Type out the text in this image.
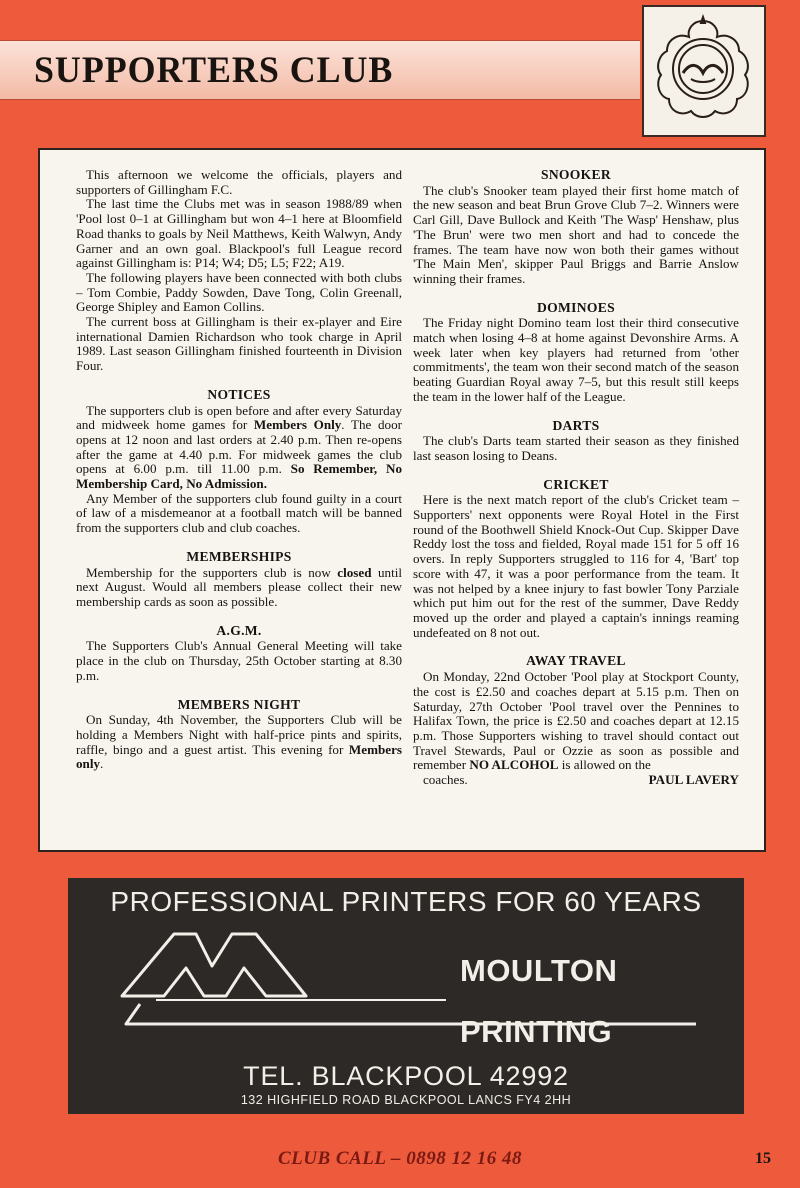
SUPPORTERS CLUB

This afternoon we welcome the officials, players and supporters of Gillingham F.C.

The last time the Clubs met was in season 1988/89 when 'Pool lost 0–1 at Gillingham but won 4–1 here at Bloomfield Road thanks to goals by Neil Matthews, Keith Walwyn, Andy Garner and an own goal. Blackpool's full League record against Gillingham is: P14; W4; D5; L5; F22; A19.

The following players have been connected with both clubs – Tom Combie, Paddy Sowden, Dave Tong, Colin Greenall, George Shipley and Eamon Collins.

The current boss at Gillingham is their ex-player and Eire international Damien Richardson who took charge in April 1989. Last season Gillingham finished fourteenth in Division Four.

NOTICES

The supporters club is open before and after every Saturday and midweek home games for Members Only. The door opens at 12 noon and last orders at 2.40 p.m. Then re-opens after the game at 4.40 p.m. For midweek games the club opens at 6.00 p.m. till 11.00 p.m. So Remember, No Membership Card, No Admission.

Any Member of the supporters club found guilty in a court of law of a misdemeanor at a football match will be banned from the supporters club and club coaches.

MEMBERSHIPS

Membership for the supporters club is now closed until next August. Would all members please collect their new membership cards as soon as possible.

A.G.M.

The Supporters Club's Annual General Meeting will take place in the club on Thursday, 25th October starting at 8.30 p.m.

MEMBERS NIGHT

On Sunday, 4th November, the Supporters Club will be holding a Members Night with half-price pints and spirits, raffle, bingo and a guest artist. This evening for Members only.

SNOOKER

The club's Snooker team played their first home match of the new season and beat Brun Grove Club 7–2. Winners were Carl Gill, Dave Bullock and Keith 'The Wasp' Henshaw, plus 'The Brun' were two men short and had to concede the frames. The team have now won both their games without 'The Main Men', skipper Paul Briggs and Barrie Anslow winning their frames.

DOMINOES

The Friday night Domino team lost their third consecutive match when losing 4–8 at home against Devonshire Arms. A week later when key players had returned from 'other commitments', the team won their second match of the season beating Guardian Royal away 7–5, but this result still keeps the team in the lower half of the League.

DARTS

The club's Darts team started their season as they finished last season losing to Deans.

CRICKET

Here is the next match report of the club's Cricket team – Supporters' next opponents were Royal Hotel in the First round of the Boothwell Shield Knock-Out Cup. Skipper Dave Reddy lost the toss and fielded, Royal made 151 for 5 off 16 overs. In reply Supporters struggled to 116 for 4, 'Bart' top score with 47, it was a poor performance from the team. It was not helped by a knee injury to fast bowler Tony Parziale which put him out for the rest of the summer, Dave Reddy moved up the order and played a captain's innings reaming undefeated on 8 not out.

AWAY TRAVEL

On Monday, 22nd October 'Pool play at Stockport County, the cost is £2.50 and coaches depart at 5.15 p.m. Then on Saturday, 27th October 'Pool travel over the Pennines to Halifax Town, the price is £2.50 and coaches depart at 12.15 p.m. Those Supporters wishing to travel should contact out Travel Stewards, Paul or Ozzie as soon as possible and remember NO ALCOHOL is allowed on the

coaches.	PAUL LAVERY

PROFESSIONAL PRINTERS FOR 60 YEARS
MOULTON
PRINTING
TEL. BLACKPOOL 42992
132 HIGHFIELD ROAD BLACKPOOL LANCS FY4 2HH
CLUB CALL – 0898 12 16 48	15
